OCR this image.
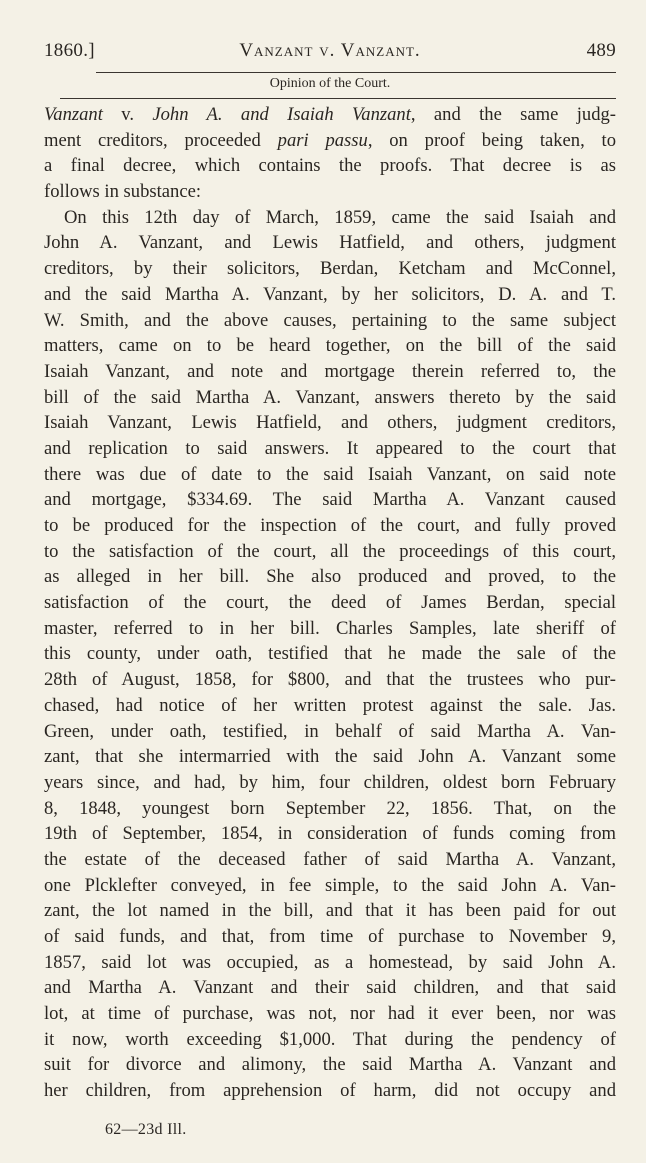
1860.]	Vanzant v. Vanzant.	489
Opinion of the Court.
Vanzant v. John A. and Isaiah Vanzant, and the same judg-
ment creditors, proceeded pari passu, on proof being taken, to
a final decree, which contains the proofs. That decree is as
follows in substance:
On this 12th day of March, 1859, came the said Isaiah and
John A. Vanzant, and Lewis Hatfield, and others, judgment
creditors, by their solicitors, Berdan, Ketcham and McConnel,
and the said Martha A. Vanzant, by her solicitors, D. A. and T.
W. Smith, and the above causes, pertaining to the same subject
matters, came on to be heard together, on the bill of the said
Isaiah Vanzant, and note and mortgage therein referred to, the
bill of the said Martha A. Vanzant, answers thereto by the said
Isaiah Vanzant, Lewis Hatfield, and others, judgment creditors,
and replication to said answers. It appeared to the court that
there was due of date to the said Isaiah Vanzant, on said note
and mortgage, $334.69. The said Martha A. Vanzant caused
to be produced for the inspection of the court, and fully proved
to the satisfaction of the court, all the proceedings of this court,
as alleged in her bill. She also produced and proved, to the
satisfaction of the court, the deed of James Berdan, special
master, referred to in her bill. Charles Samples, late sheriff of
this county, under oath, testified that he made the sale of the
28th of August, 1858, for $800, and that the trustees who pur-
chased, had notice of her written protest against the sale. Jas.
Green, under oath, testified, in behalf of said Martha A. Van-
zant, that she intermarried with the said John A. Vanzant some
years since, and had, by him, four children, oldest born February
8, 1848, youngest born September 22, 1856. That, on the
19th of September, 1854, in consideration of funds coming from
the estate of the deceased father of said Martha A. Vanzant,
one Plcklefter conveyed, in fee simple, to the said John A. Van-
zant, the lot named in the bill, and that it has been paid for out
of said funds, and that, from time of purchase to November 9,
1857, said lot was occupied, as a homestead, by said John A.
and Martha A. Vanzant and their said children, and that said
lot, at time of purchase, was not, nor had it ever been, nor was
it now, worth exceeding $1,000. That during the pendency of
suit for divorce and alimony, the said Martha A. Vanzant and
her children, from apprehension of harm, did not occupy and
62—23d Ill.
